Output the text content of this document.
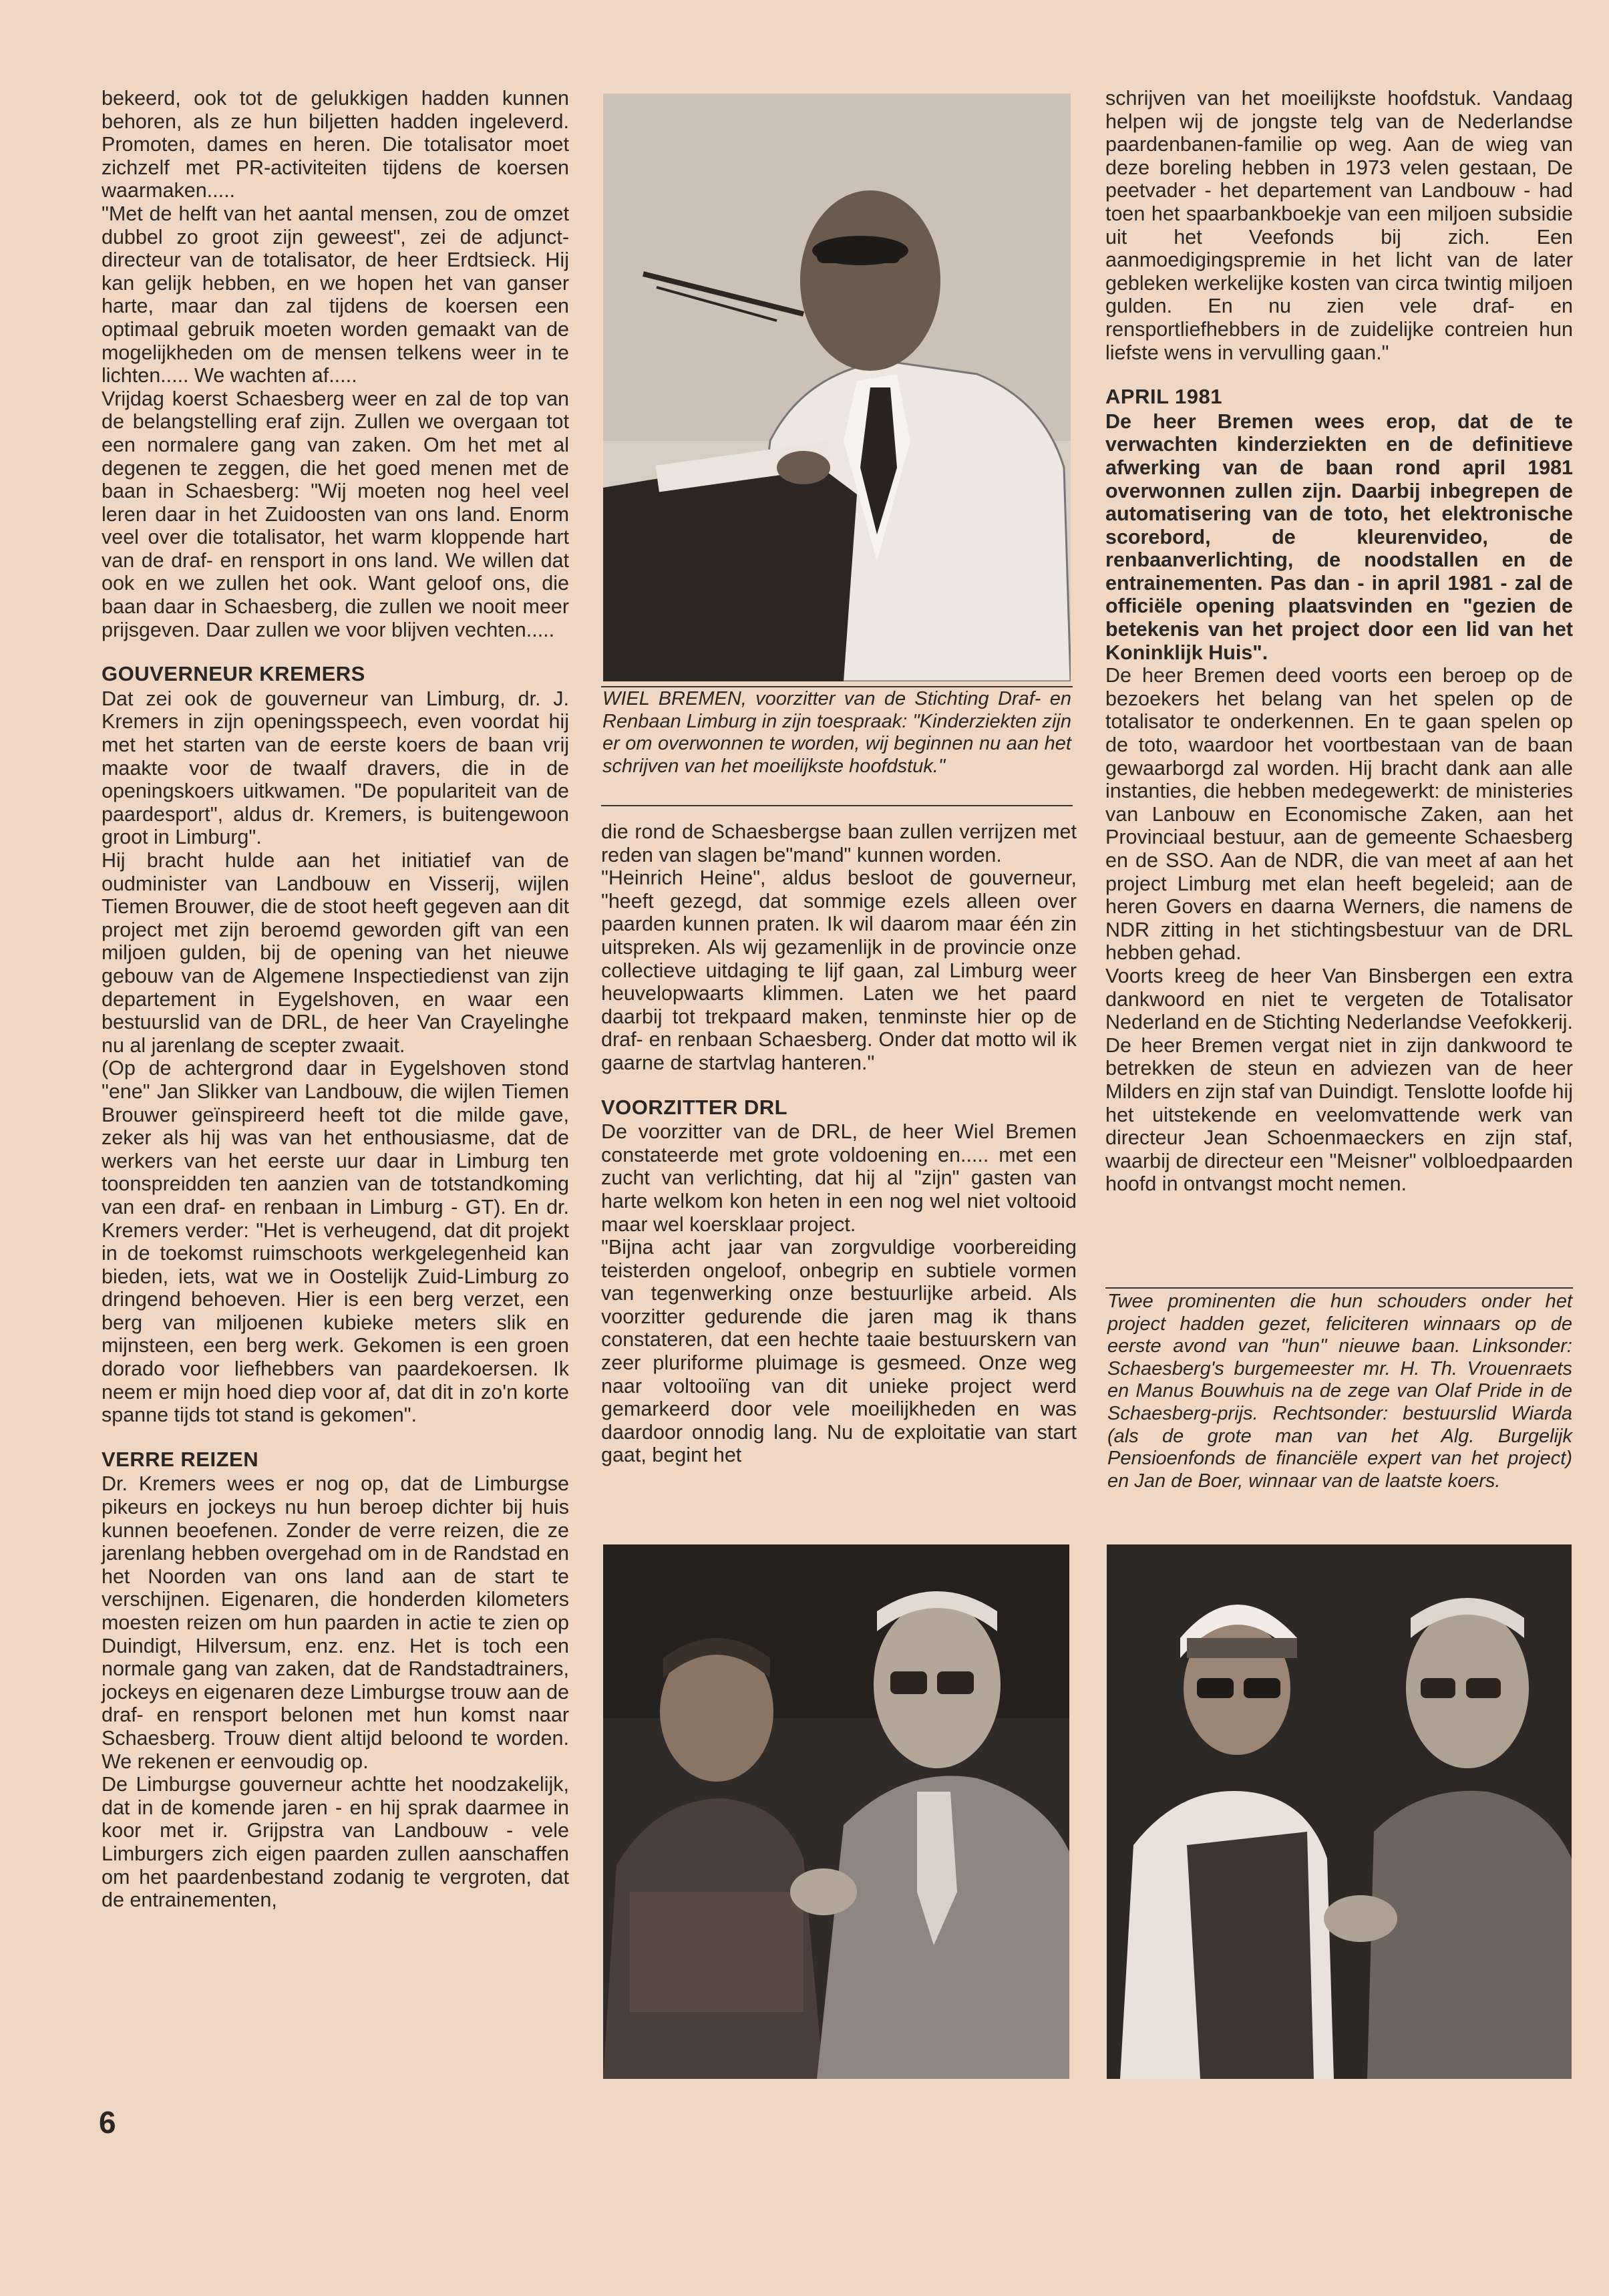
bekeerd, ook tot de gelukkigen hadden kunnen behoren, als ze hun biljetten hadden ingeleverd. Promoten, dames en heren. Die totalisator moet zichzelf met PR-activiteiten tijdens de koersen waarmaken.....
"Met de helft van het aantal mensen, zou de omzet dubbel zo groot zijn geweest", zei de adjunct-directeur van de totalisator, de heer Erdtsieck. Hij kan gelijk hebben, en we hopen het van ganser harte, maar dan zal tijdens de koersen een optimaal gebruik moeten worden gemaakt van de mogelijkheden om de mensen telkens weer in te lichten..... We wachten af.....
Vrijdag koerst Schaesberg weer en zal de top van de belangstelling eraf zijn. Zullen we overgaan tot een normalere gang van zaken. Om het met al degenen te zeggen, die het goed menen met de baan in Schaesberg: "Wij moeten nog heel veel leren daar in het Zuidoosten van ons land. Enorm veel over die totalisator, het warm kloppende hart van de draf- en rensport in ons land. We willen dat ook en we zullen het ook. Want geloof ons, die baan daar in Schaesberg, die zullen we nooit meer prijsgeven. Daar zullen we voor blijven vechten.....

GOUVERNEUR KREMERS

Dat zei ook de gouverneur van Limburg, dr. J. Kremers in zijn openingsspeech, even voordat hij met het starten van de eerste koers de baan vrij maakte voor de twaalf dravers, die in de openingskoers uitkwamen. "De populariteit van de paardesport", aldus dr. Kremers, is buitengewoon groot in Limburg".
Hij bracht hulde aan het initiatief van de oudminister van Landbouw en Visserij, wijlen Tiemen Brouwer, die de stoot heeft gegeven aan dit project met zijn beroemd geworden gift van een miljoen gulden, bij de opening van het nieuwe gebouw van de Algemene Inspectiedienst van zijn departement in Eygelshoven, en waar een bestuurslid van de DRL, de heer Van Crayelinghe nu al jarenlang de scepter zwaait.
(Op de achtergrond daar in Eygelshoven stond "ene" Jan Slikker van Landbouw, die wijlen Tiemen Brouwer geïnspireerd heeft tot die milde gave, zeker als hij was van het enthousiasme, dat de werkers van het eerste uur daar in Limburg ten toonspreidden ten aanzien van de totstandkoming van een draf- en renbaan in Limburg - GT). En dr. Kremers verder: "Het is verheugend, dat dit projekt in de toekomst ruimschoots werkgelegenheid kan bieden, iets, wat we in Oostelijk Zuid-Limburg zo dringend behoeven. Hier is een berg verzet, een berg van miljoenen kubieke meters slik en mijnsteen, een berg werk. Gekomen is een groen dorado voor liefhebbers van paardekoersen. Ik neem er mijn hoed diep voor af, dat dit in zo'n korte spanne tijds tot stand is gekomen".

VERRE REIZEN

Dr. Kremers wees er nog op, dat de Limburgse pikeurs en jockeys nu hun beroep dichter bij huis kunnen beoefenen. Zonder de verre reizen, die ze jarenlang hebben overgehad om in de Randstad en het Noorden van ons land aan de start te verschijnen. Eigenaren, die honderden kilometers moesten reizen om hun paarden in actie te zien op Duindigt, Hilversum, enz. enz. Het is toch een normale gang van zaken, dat de Randstadtrainers, jockeys en eigenaren deze Limburgse trouw aan de draf- en rensport belonen met hun komst naar Schaesberg. Trouw dient altijd beloond te worden. We rekenen er eenvoudig op.
De Limburgse gouverneur achtte het noodzakelijk, dat in de komende jaren - en hij sprak daarmee in koor met ir. Grijpstra van Landbouw - vele Limburgers zich eigen paarden zullen aanschaffen om het paardenbestand zodanig te vergroten, dat de entrainementen,

WIEL BREMEN, voorzitter van de Stichting Draf- en Renbaan Limburg in zijn toespraak: "Kinderziekten zijn er om overwonnen te worden, wij beginnen nu aan het schrijven van het moeilijkste hoofdstuk."

die rond de Schaesbergse baan zullen verrijzen met reden van slagen be"mand" kunnen worden.
"Heinrich Heine", aldus besloot de gouverneur, "heeft gezegd, dat sommige ezels alleen over paarden kunnen praten. Ik wil daarom maar één zin uitspreken. Als wij gezamenlijk in de provincie onze collectieve uitdaging te lijf gaan, zal Limburg weer heuvelopwaarts klimmen. Laten we het paard daarbij tot trekpaard maken, tenminste hier op de draf- en renbaan Schaesberg. Onder dat motto wil ik gaarne de startvlag hanteren."

VOORZITTER DRL

De voorzitter van de DRL, de heer Wiel Bremen constateerde met grote voldoening en..... met een zucht van verlichting, dat hij al "zijn" gasten van harte welkom kon heten in een nog wel niet voltooid maar wel koersklaar project.
"Bijna acht jaar van zorgvuldige voorbereiding teisterden ongeloof, onbegrip en subtiele vormen van tegenwerking onze bestuurlijke arbeid. Als voorzitter gedurende die jaren mag ik thans constateren, dat een hechte taaie bestuurskern van zeer pluriforme pluimage is gesmeed. Onze weg naar voltooiïng van dit unieke project werd gemarkeerd door vele moeilijkheden en was daardoor onnodig lang. Nu de exploitatie van start gaat, begint het

schrijven van het moeilijkste hoofdstuk. Vandaag helpen wij de jongste telg van de Nederlandse paardenbanen-familie op weg. Aan de wieg van deze boreling hebben in 1973 velen gestaan, De peetvader - het departement van Landbouw - had toen het spaarbankboekje van een miljoen subsidie uit het Veefonds bij zich. Een aanmoedigingspremie in het licht van de later gebleken werkelijke kosten van circa twintig miljoen gulden. En nu zien vele draf- en rensportliefhebbers in de zuidelijke contreien hun liefste wens in vervulling gaan."

APRIL 1981

De heer Bremen wees erop, dat de te verwachten kinderziekten en de definitieve afwerking van de baan rond april 1981 overwonnen zullen zijn. Daarbij inbegrepen de automatisering van de toto, het elektronische scorebord, de kleurenvideo, de renbaanverlichting, de noodstallen en de entrainementen. Pas dan - in april 1981 - zal de officiële opening plaatsvinden en "gezien de betekenis van het project door een lid van het Koninklijk Huis".

De heer Bremen deed voorts een beroep op de bezoekers het belang van het spelen op de totalisator te onderkennen. En te gaan spelen op de toto, waardoor het voortbestaan van de baan gewaarborgd zal worden. Hij bracht dank aan alle instanties, die hebben medegewerkt: de ministeries van Lanbouw en Economische Zaken, aan het Provinciaal bestuur, aan de gemeente Schaesberg en de SSO. Aan de NDR, die van meet af aan het project Limburg met elan heeft begeleid; aan de heren Govers en daarna Werners, die namens de NDR zitting in het stichtingsbestuur van de DRL hebben gehad.
Voorts kreeg de heer Van Binsbergen een extra dankwoord en niet te vergeten de Totalisator Nederland en de Stichting Nederlandse Veefokkerij. De heer Bremen vergat niet in zijn dankwoord te betrekken de steun en adviezen van de heer Milders en zijn staf van Duindigt. Tenslotte loofde hij het uitstekende en veelomvattende werk van directeur Jean Schoenmaeckers en zijn staf, waarbij de directeur een "Meisner" volbloedpaarden hoofd in ontvangst mocht nemen.

Twee prominenten die hun schouders onder het project hadden gezet, feliciteren winnaars op de eerste avond van "hun" nieuwe baan. Linksonder: Schaesberg's burgemeester mr. H. Th. Vrouenraets en Manus Bouwhuis na de zege van Olaf Pride in de Schaesberg-prijs. Rechtsonder: bestuurslid Wiarda (als de grote man van het Alg. Burgelijk Pensioenfonds de financiële expert van het project) en Jan de Boer, winnaar van de laatste koers.
6
